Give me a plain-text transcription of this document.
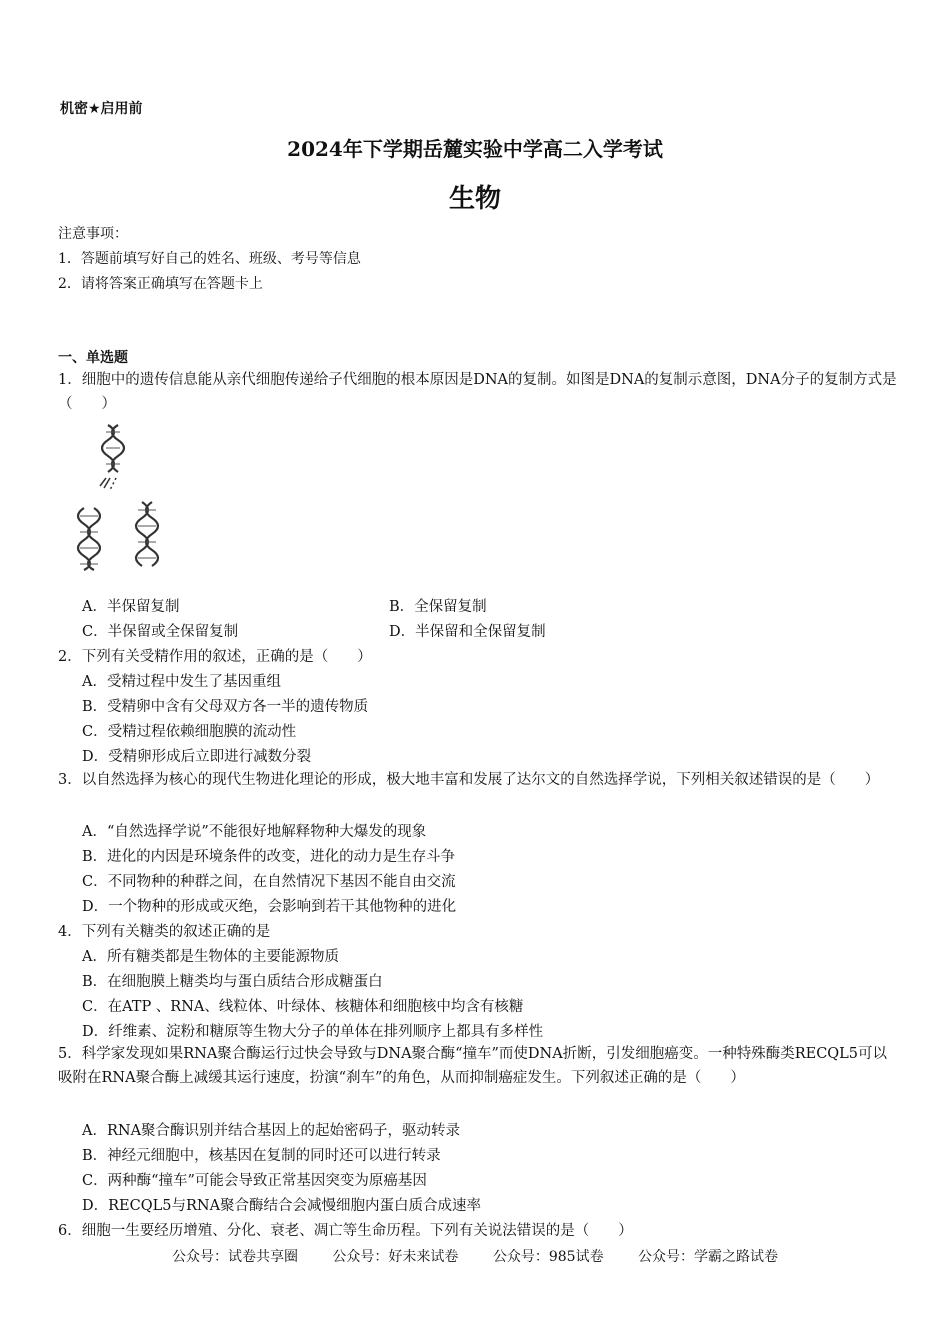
机密★启用前
2024年下学期岳麓实验中学高二入学考试
生物
注意事项：
1．答题前填写好自己的姓名、班级、考号等信息
2．请将答案正确填写在答题卡上
一、单选题
1．细胞中的遗传信息能从亲代细胞传递给子代细胞的根本原因是DNA的复制。如图是DNA的复制示意图，DNA分子的复制方式是（　　）
A．半保留复制	B．全保留复制
C．半保留或全保留复制	D．半保留和全保留复制
2．下列有关受精作用的叙述，正确的是（　　）
A．受精过程中发生了基因重组
B．受精卵中含有父母双方各一半的遗传物质
C．受精过程依赖细胞膜的流动性
D．受精卵形成后立即进行减数分裂
3．以自然选择为核心的现代生物进化理论的形成，极大地丰富和发展了达尔文的自然选择学说，下列相关叙述错误的是（　　）
A．“自然选择学说”不能很好地解释物种大爆发的现象
B．进化的内因是环境条件的改变，进化的动力是生存斗争
C．不同物种的种群之间，在自然情况下基因不能自由交流
D．一个物种的形成或灭绝，会影响到若干其他物种的进化
4．下列有关糖类的叙述正确的是
A．所有糖类都是生物体的主要能源物质
B．在细胞膜上糖类均与蛋白质结合形成糖蛋白
C．在ATP 、RNA、线粒体、叶绿体、核糖体和细胞核中均含有核糖
D．纤维素、淀粉和糖原等生物大分子的单体在排列顺序上都具有多样性
5．科学家发现如果RNA聚合酶运行过快会导致与DNA聚合酶“撞车”而使DNA折断，引发细胞癌变。一种特殊酶类RECQL5可以吸附在RNA聚合酶上减缓其运行速度，扮演“刹车”的角色，从而抑制癌症发生。下列叙述正确的是（　　）
A．RNA聚合酶识别并结合基因上的起始密码子，驱动转录
B．神经元细胞中，核基因在复制的同时还可以进行转录
C．两种酶“撞车”可能会导致正常基因突变为原癌基因
D．RECQL5与RNA聚合酶结合会减慢细胞内蛋白质合成速率
6．细胞一生要经历增殖、分化、衰老、凋亡等生命历程。下列有关说法错误的是（　　）
公众号：试卷共享圈 公众号：好未来试卷 公众号：985试卷 公众号：学霸之路试卷
